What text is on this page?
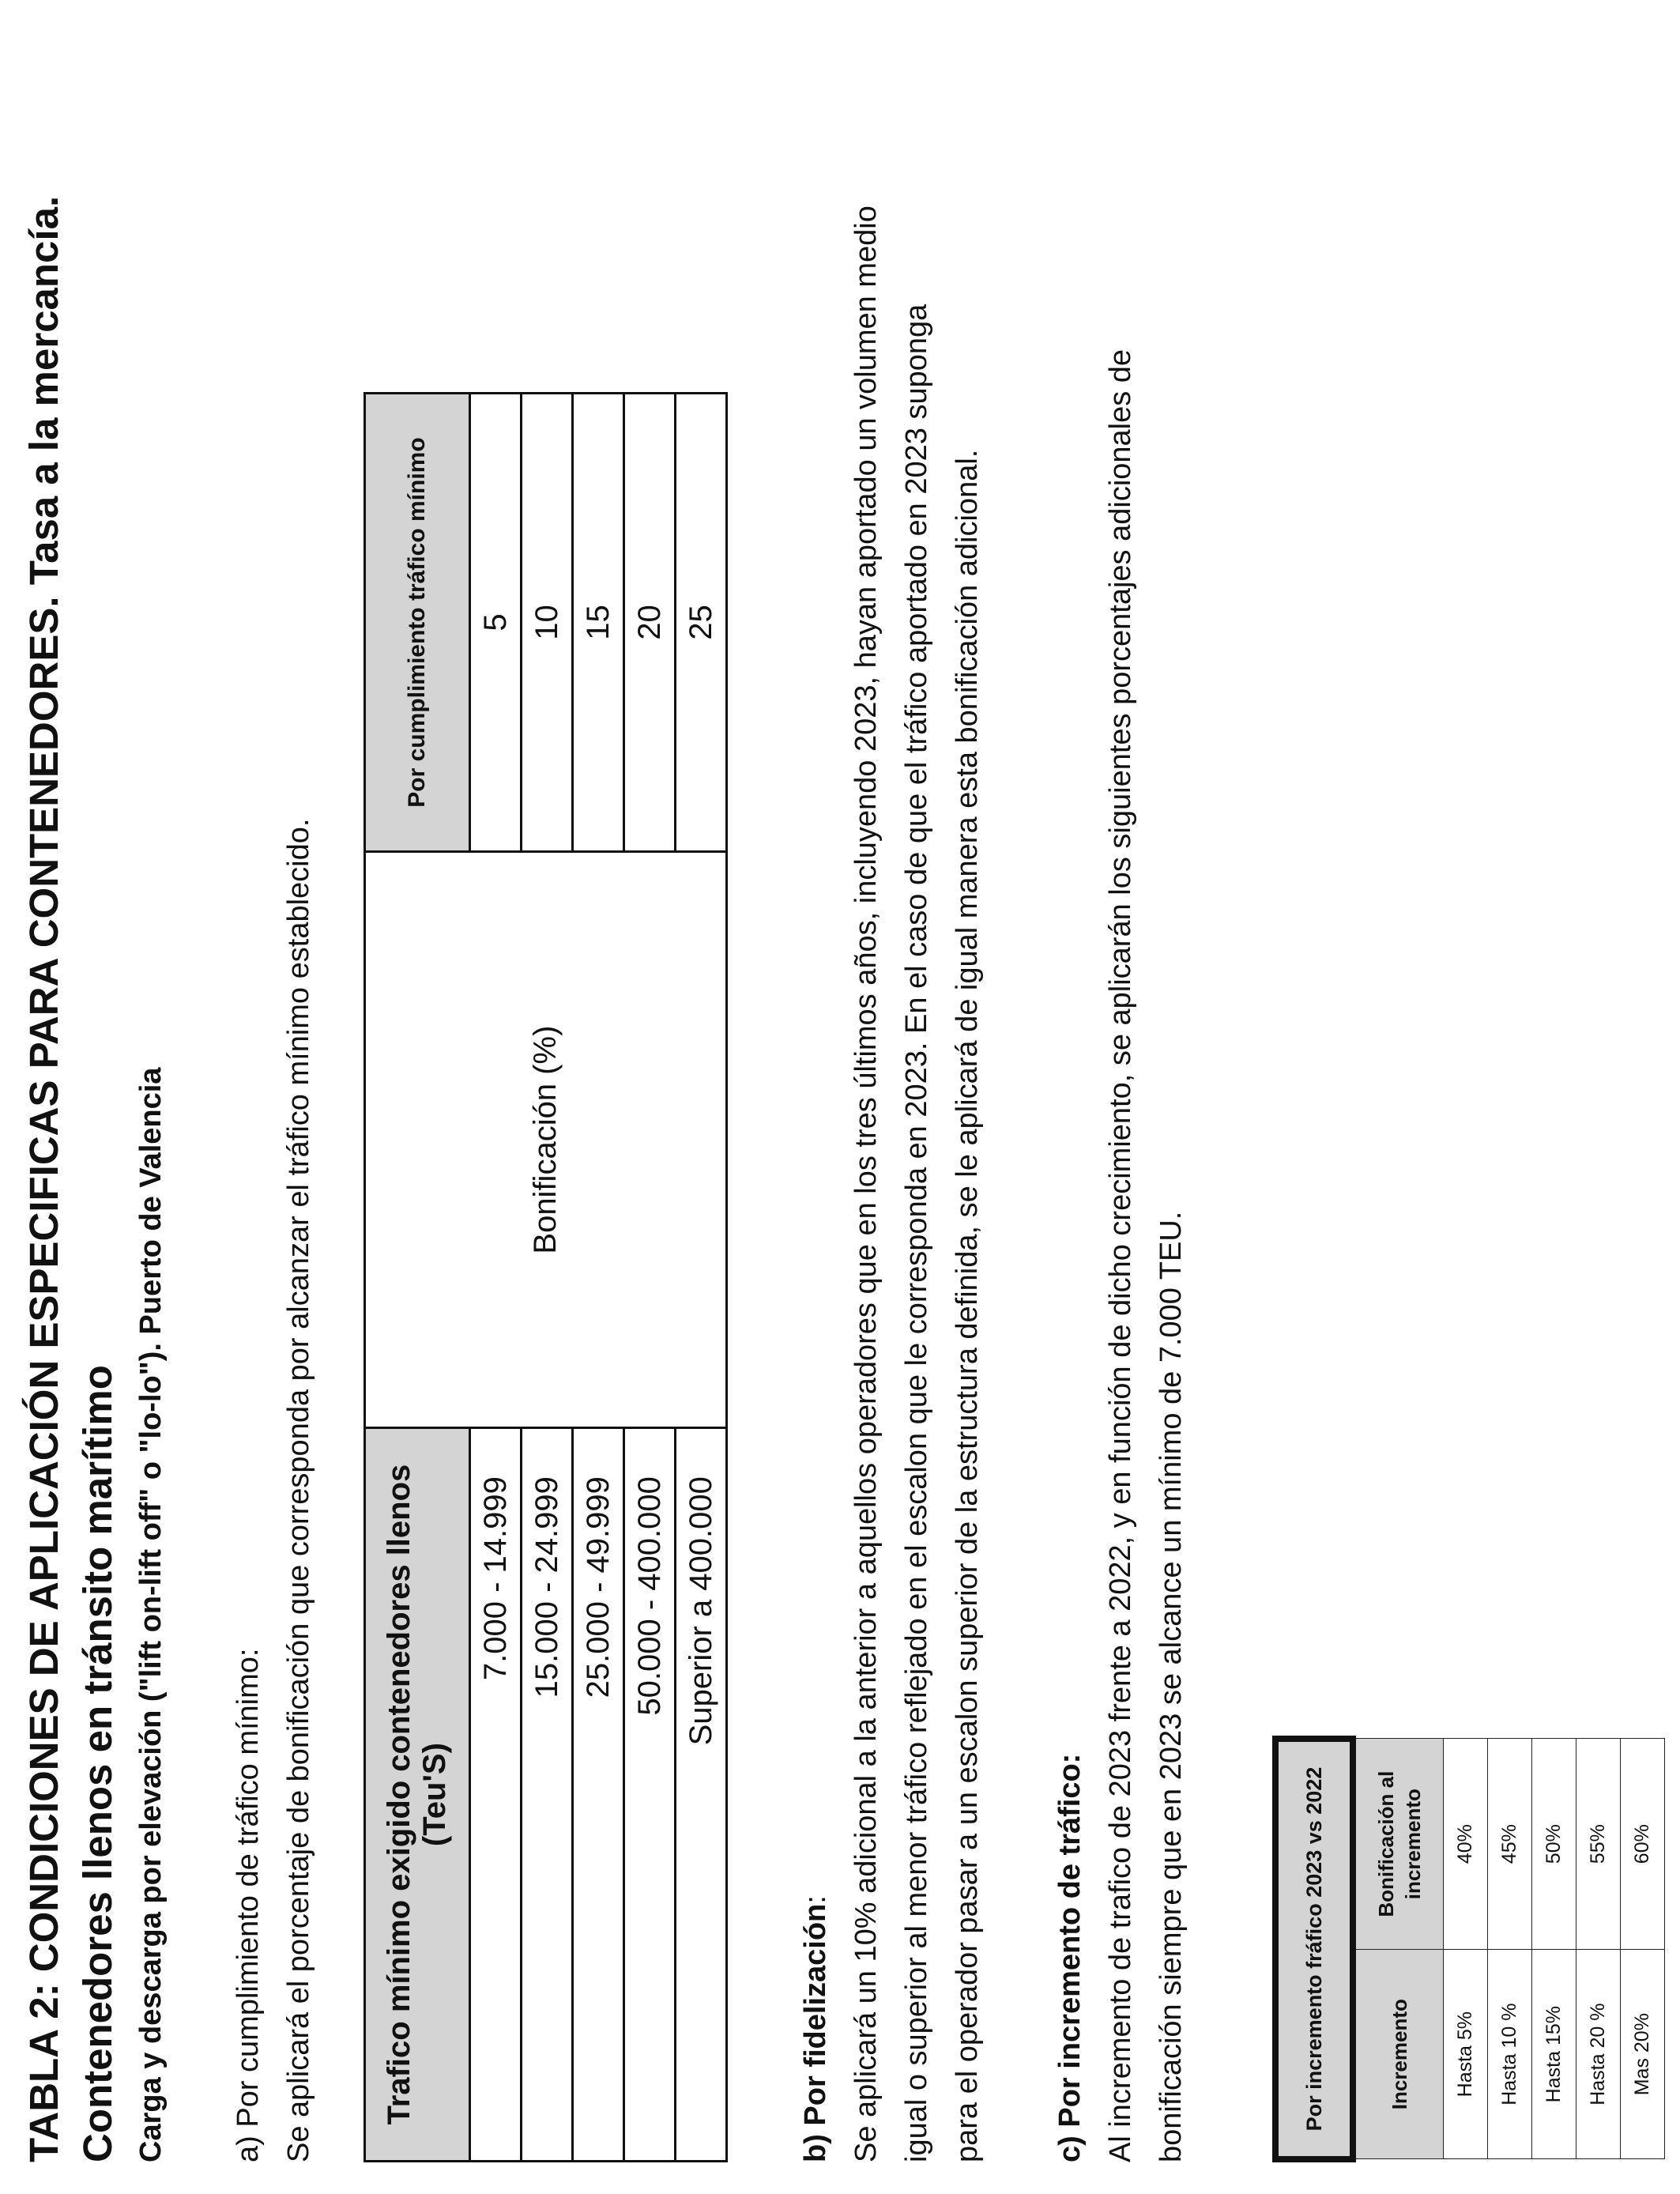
TABLA 2: CONDICIONES DE APLICACIÓN ESPECIFICAS PARA CONTENEDORES. Tasa a la mercancía. Contenedores llenos en tránsito marítimo Carga y descarga por elevación ("lift on-lift off" o "lo-lo"). Puerto de Valencia a) Por cumplimiento de tráfico mínimo: Se aplicará el porcentaje de bonificación que corresponda por alcanzar el tráfico mínimo establecido. Trafico mínimo exigido contenedores llenos (Teu'S)	Bonificación (%)	Por cumplimiento tráfico mínimo
7.000 - 14.999		5
15.000 - 24.999		10
25.000 - 49.999		15
50.000 - 400.000		20
Superior a 400.000		25

b) Por fidelización: Se aplicará un 10% adicional a la anterior a aquellos operadores que en los tres últimos años, incluyendo 2023, hayan aportado un volumen medio igual o superior al menor tráfico reflejado en el escalon que le corresponda en 2023. En el caso de que el tráfico aportado en 2023 suponga para el operador pasar a un escalon superior de la estructura definida, se le aplicará de igual manera esta bonificación adicional. c) Por incremento de tráfico: Al incremento de trafico de 2023 frente a 2022, y en función de dicho crecimiento, se aplicarán los siguientes porcentajes adicionales de bonificación siempre que en 2023 se alcance un mínimo de 7.000 TEU.	Por incremento fráfico 2023 vs 2022	
Incremento	Bonificación al incremento
Hasta 5%	40%
Hasta 10 %	45%
Hasta 15%	50%
Hasta 20 %	55%
Mas 20%	60%
